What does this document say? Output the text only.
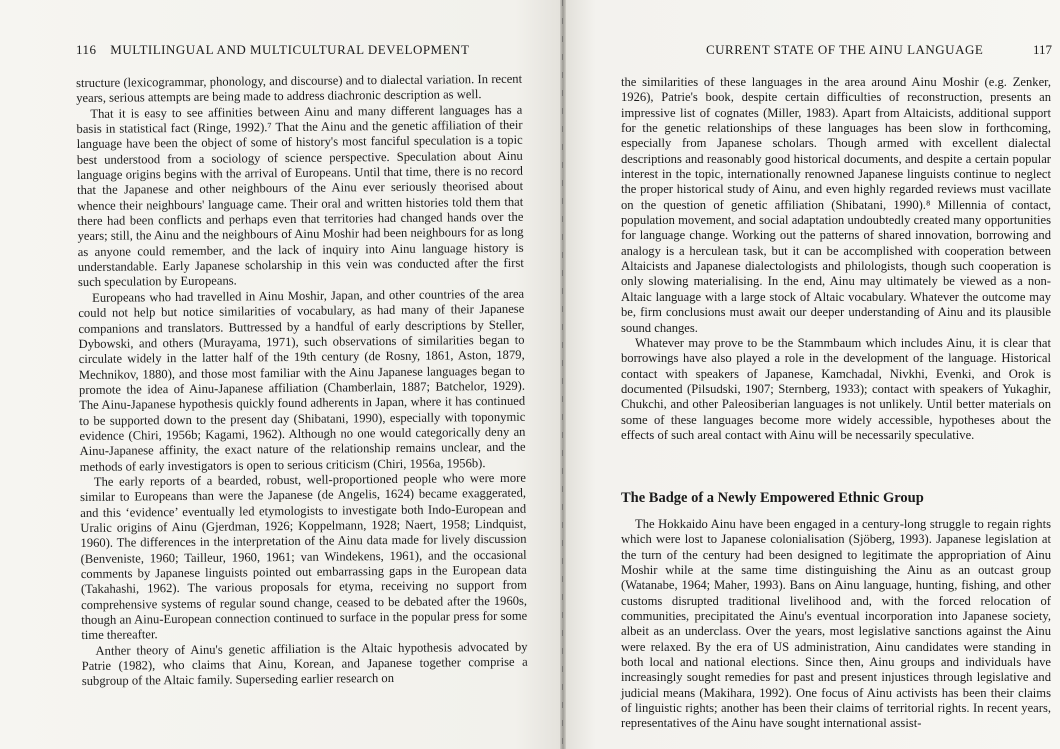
116 MULTILINGUAL AND MULTICULTURAL DEVELOPMENT

structure (lexicogrammar, phonology, and discourse) and to dialectal variation. In recent years, serious attempts are being made to address diachronic description as well.

That it is easy to see affinities between Ainu and many different languages has a basis in statistical fact (Ringe, 1992).⁷ That the Ainu and the genetic affiliation of their language have been the object of some of history's most fanciful speculation is a topic best understood from a sociology of science perspective. Speculation about Ainu language origins begins with the arrival of Europeans. Until that time, there is no record that the Japanese and other neighbours of the Ainu ever seriously theorised about whence their neighbours' language came. Their oral and written histories told them that there had been conflicts and perhaps even that territories had changed hands over the years; still, the Ainu and the neighbours of Ainu Moshir had been neighbours for as long as anyone could remember, and the lack of inquiry into Ainu language history is understandable. Early Japanese scholarship in this vein was conducted after the first such speculation by Europeans.

Europeans who had travelled in Ainu Moshir, Japan, and other countries of the area could not help but notice similarities of vocabulary, as had many of their Japanese companions and translators. Buttressed by a handful of early descriptions by Steller, Dybowski, and others (Murayama, 1971), such observations of similarities began to circulate widely in the latter half of the 19th century (de Rosny, 1861, Aston, 1879, Mechnikov, 1880), and those most familiar with the Ainu Japanese languages began to promote the idea of Ainu-Japanese affiliation (Chamberlain, 1887; Batchelor, 1929). The Ainu-Japanese hypothesis quickly found adherents in Japan, where it has continued to be supported down to the present day (Shibatani, 1990), especially with toponymic evidence (Chiri, 1956b; Kagami, 1962). Although no one would categorically deny an Ainu-Japanese affinity, the exact nature of the relationship remains unclear, and the methods of early investigators is open to serious criticism (Chiri, 1956a, 1956b).

The early reports of a bearded, robust, well-proportioned people who were more similar to Europeans than were the Japanese (de Angelis, 1624) became exaggerated, and this ‘evidence’ eventually led etymologists to investigate both Indo-European and Uralic origins of Ainu (Gjerdman, 1926; Koppelmann, 1928; Naert, 1958; Lindquist, 1960). The differences in the interpretation of the Ainu data made for lively discussion (Benveniste, 1960; Tailleur, 1960, 1961; van Windekens, 1961), and the occasional comments by Japanese linguists pointed out embarrassing gaps in the European data (Takahashi, 1962). The various proposals for etyma, receiving no support from comprehensive systems of regular sound change, ceased to be debated after the 1960s, though an Ainu-European connection continued to surface in the popular press for some time thereafter.

Anther theory of Ainu's genetic affiliation is the Altaic hypothesis advocated by Patrie (1982), who claims that Ainu, Korean, and Japanese together comprise a subgroup of the Altaic family. Superseding earlier research on

CURRENT STATE OF THE AINU LANGUAGE	117

the similarities of these languages in the area around Ainu Moshir (e.g. Zenker, 1926), Patrie's book, despite certain difficulties of reconstruction, presents an impressive list of cognates (Miller, 1983). Apart from Altaicists, additional support for the genetic relationships of these languages has been slow in forthcoming, especially from Japanese scholars. Though armed with excellent dialectal descriptions and reasonably good historical documents, and despite a certain popular interest in the topic, internationally renowned Japanese linguists continue to neglect the proper historical study of Ainu, and even highly regarded reviews must vacillate on the question of genetic affiliation (Shibatani, 1990).⁸ Millennia of contact, population movement, and social adaptation undoubtedly created many opportunities for language change. Working out the patterns of shared innovation, borrowing and analogy is a herculean task, but it can be accomplished with cooperation between Altaicists and Japanese dialectologists and philologists, though such cooperation is only slowing materialising. In the end, Ainu may ultimately be viewed as a non-Altaic language with a large stock of Altaic vocabulary. Whatever the outcome may be, firm conclusions must await our deeper understanding of Ainu and its plausible sound changes.

Whatever may prove to be the Stammbaum which includes Ainu, it is clear that borrowings have also played a role in the development of the language. Historical contact with speakers of Japanese, Kamchadal, Nivkhi, Evenki, and Orok is documented (Pilsudski, 1907; Sternberg, 1933); contact with speakers of Yukaghir, Chukchi, and other Paleosiberian languages is not unlikely. Until better materials on some of these languages become more widely accessible, hypotheses about the effects of such areal contact with Ainu will be necessarily speculative.

The Badge of a Newly Empowered Ethnic Group

The Hokkaido Ainu have been engaged in a century-long struggle to regain rights which were lost to Japanese colonialisation (Sjöberg, 1993). Japanese legislation at the turn of the century had been designed to legitimate the appropriation of Ainu Moshir while at the same time distinguishing the Ainu as an outcast group (Watanabe, 1964; Maher, 1993). Bans on Ainu language, hunting, fishing, and other customs disrupted traditional livelihood and, with the forced relocation of communities, precipitated the Ainu's eventual incorporation into Japanese society, albeit as an underclass. Over the years, most legislative sanctions against the Ainu were relaxed. By the era of US administration, Ainu candidates were standing in both local and national elections. Since then, Ainu groups and individuals have increasingly sought remedies for past and present injustices through legislative and judicial means (Makihara, 1992). One focus of Ainu activists has been their claims of linguistic rights; another has been their claims of territorial rights. In recent years, representatives of the Ainu have sought international assist-
